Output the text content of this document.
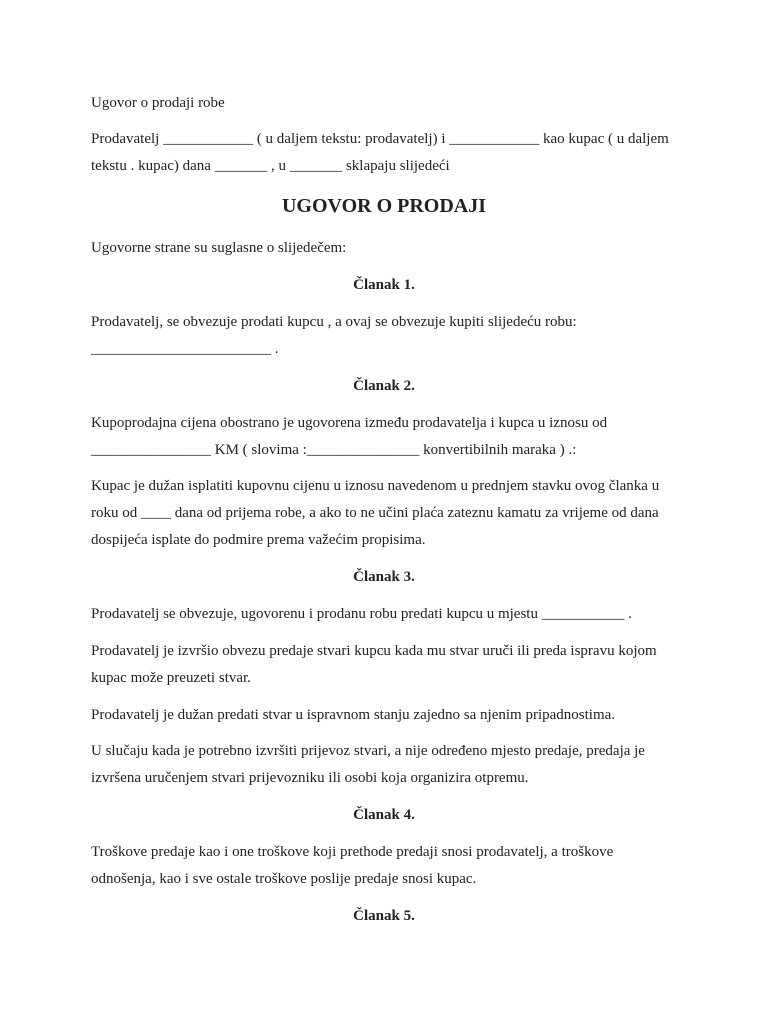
Ugovor o prodaji robe
Prodavatelj ____________ ( u daljem tekstu: prodavatelj) i ____________ kao kupac ( u daljem
tekstu . kupac) dana _______ , u _______ sklapaju slijedeći
UGOVOR O PRODAJI
Ugovorne strane su suglasne o slijedečem:
Članak 1.
Prodavatelj, se obvezuje prodati kupcu , a ovaj se obvezuje kupiti slijedeću robu:
________________________ .
Članak 2.
Kupoprodajna cijena obostrano je ugovorena između prodavatelja i kupca u iznosu od
________________ KM ( slovima :_______________ konvertibilnih maraka ) .:
Kupac je dužan isplatiti kupovnu cijenu u iznosu navedenom u prednjem stavku ovog članka u
roku od ____ dana od prijema robe, a ako to ne učini plaća zateznu kamatu za vrijeme od dana
dospijeća isplate do podmire prema važećim propisima.
Članak 3.
Prodavatelj se obvezuje, ugovorenu i prodanu robu predati kupcu u mjestu ___________ .
Prodavatelj je izvršio obvezu predaje stvari kupcu kada mu stvar uruči ili preda ispravu kojom
kupac može preuzeti stvar.
Prodavatelj je dužan predati stvar u ispravnom stanju zajedno sa njenim pripadnostima.
U slučaju kada je potrebno izvršiti prijevoz stvari, a nije određeno mjesto predaje, predaja je
izvršena uručenjem stvari prijevozniku ili osobi koja organizira otpremu.
Članak 4.
Troškove predaje kao i one troškove koji prethode predaji snosi prodavatelj, a troškove
odnošenja, kao i sve ostale troškove poslije predaje snosi kupac.
Članak 5.
